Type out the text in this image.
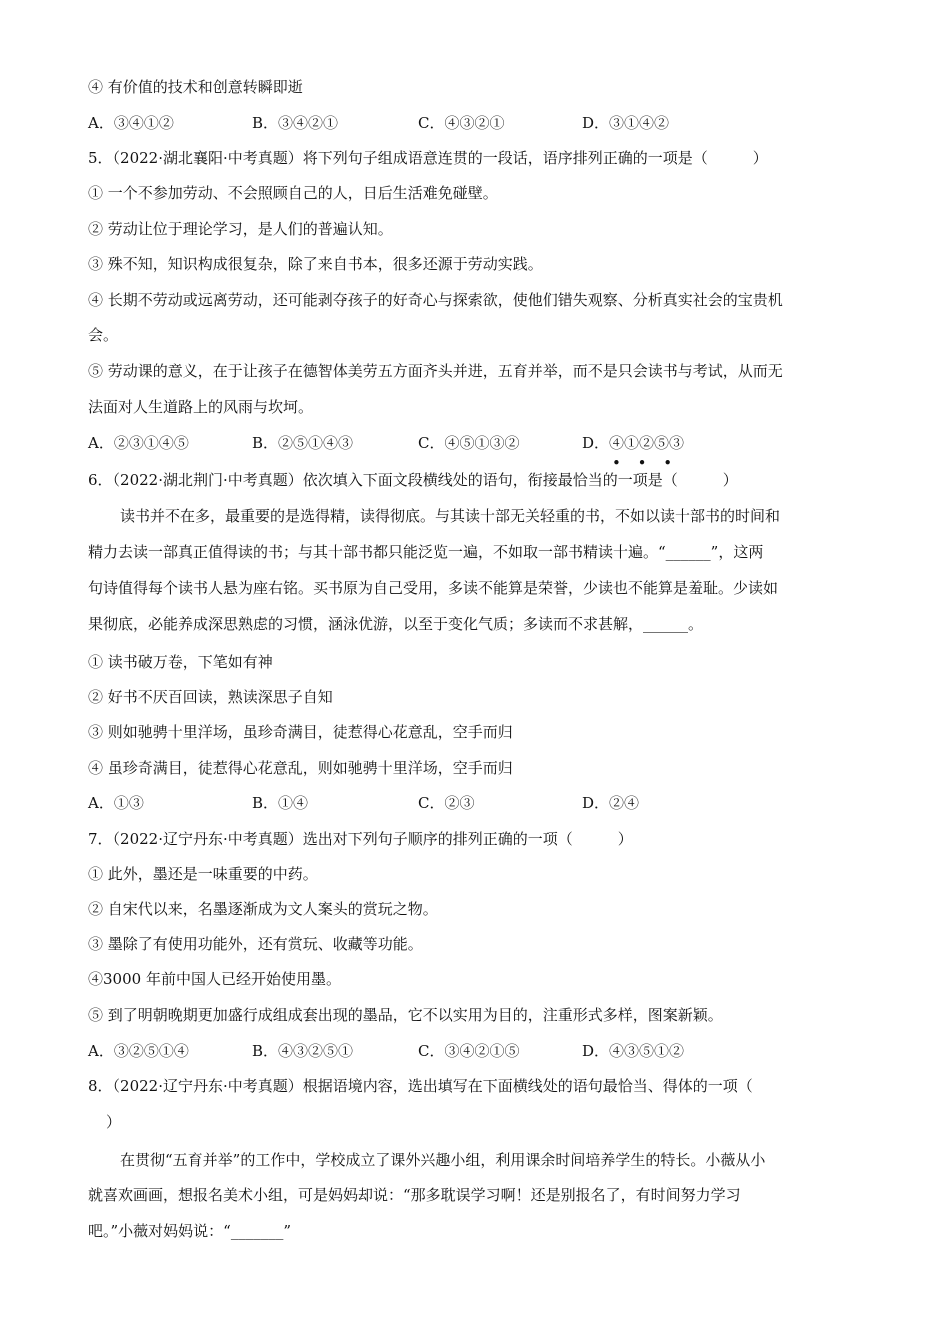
④ 有价值的技术和创意转瞬即逝
A．③④①②	B．③④②①	C．④③②①	D．③①④②
5．（2022·湖北襄阳·中考真题）将下列句子组成语意连贯的一段话，语序排列正确的一项是（　　　）
① 一个不参加劳动、不会照顾自己的人，日后生活难免碰壁。
② 劳动让位于理论学习，是人们的普遍认知。
③ 殊不知，知识构成很复杂，除了来自书本，很多还源于劳动实践。
④ 长期不劳动或远离劳动，还可能剥夺孩子的好奇心与探索欲，使他们错失观察、分析真实社会的宝贵机
会。
⑤ 劳动课的意义，在于让孩子在德智体美劳五方面齐头并进，五育并举，而不是只会读书与考试，从而无
法面对人生道路上的风雨与坎坷。
A．②③①④⑤	B．②⑤①④③	C．④⑤①③②	D．④①②⑤③
• • •
6．（2022·湖北荆门·中考真题）依次填入下面文段横线处的语句，衔接最恰当的一项是（　　　）
读书并不在多，最重要的是选得精，读得彻底。与其读十部无关轻重的书，不如以读十部书的时间和
精力去读一部真正值得读的书；与其十部书都只能泛览一遍，不如取一部书精读十遍。“______”，这两
句诗值得每个读书人悬为座右铭。买书原为自己受用，多读不能算是荣誉，少读也不能算是羞耻。少读如
果彻底，必能养成深思熟虑的习惯，涵泳优游，以至于变化气质；多读而不求甚解，______。
① 读书破万卷，下笔如有神
② 好书不厌百回读，熟读深思子自知
③ 则如驰骋十里洋场，虽珍奇满目，徒惹得心花意乱，空手而归
④ 虽珍奇满目，徒惹得心花意乱，则如驰骋十里洋场，空手而归
A．①③	B．①④	C．②③	D．②④
7．（2022·辽宁丹东·中考真题）选出对下列句子顺序的排列正确的一项（　　　）
① 此外，墨还是一味重要的中药。
② 自宋代以来，名墨逐渐成为文人案头的赏玩之物。
③ 墨除了有使用功能外，还有赏玩、收藏等功能。
④3000 年前中国人已经开始使用墨。
⑤ 到了明朝晚期更加盛行成组成套出现的墨品，它不以实用为目的，注重形式多样，图案新颖。
A．③②⑤①④	B．④③②⑤①	C．③④②①⑤	D．④③⑤①②
8．（2022·辽宁丹东·中考真题）根据语境内容，选出填写在下面横线处的语句最恰当、得体的一项（
）
在贯彻“五育并举”的工作中，学校成立了课外兴趣小组，利用课余时间培养学生的特长。小薇从小
就喜欢画画，想报名美术小组，可是妈妈却说：“那多耽误学习啊！还是别报名了，有时间努力学习
吧。”小薇对妈妈说：“_______”
